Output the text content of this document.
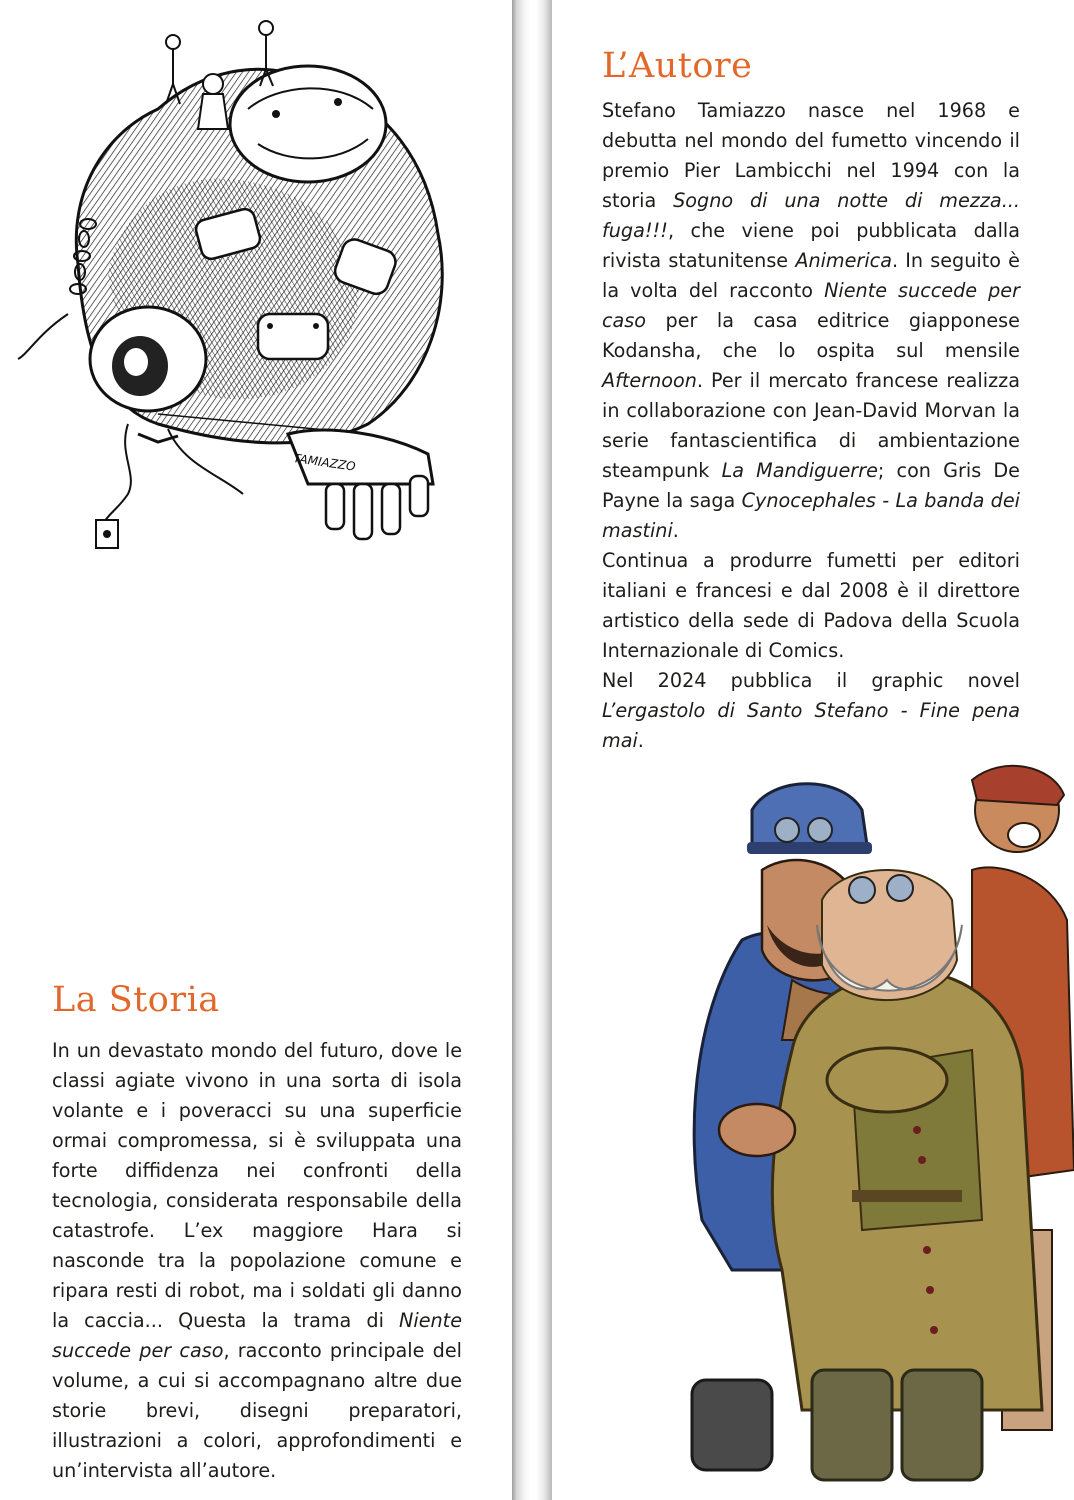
TAMIAZZO
La Storia

In un devastato mondo del futuro, dove le classi agiate vivono in una sorta di isola volante e i poveracci su una superficie ormai compromessa, si è sviluppata una forte diffidenza nei confronti della tecnologia, considerata responsabile della catastrofe. L’ex maggiore Hara si nasconde tra la popolazione comune e ripara resti di robot, ma i soldati gli danno la caccia... Questa la trama di Niente succede per caso, racconto principale del volume, a cui si accompagnano altre due storie brevi, disegni preparatori, illustrazioni a colori, approfondimenti e un’intervista all’autore.

L’Autore

Stefano Tamiazzo nasce nel 1968 e debutta nel mondo del fumetto vincendo il premio Pier Lambicchi nel 1994 con la storia Sogno di una notte di mezza... fuga!!!, che viene poi pubblicata dalla rivista statunitense Animerica. In seguito è la volta del racconto Niente succede per caso per la casa editrice giapponese Kodansha, che lo ospita sul mensile Afternoon. Per il mercato francese realizza in collaborazione con Jean-David Morvan la serie fantascientifica di ambientazione steampunk La Mandiguerre; con Gris De Payne la saga Cynocephales - La banda dei mastini.

Continua a produrre fumetti per editori italiani e francesi e dal 2008 è il direttore artistico della sede di Padova della Scuola Internazionale di Comics.

Nel 2024 pubblica il graphic novel L’ergastolo di Santo Stefano - Fine pena mai.
